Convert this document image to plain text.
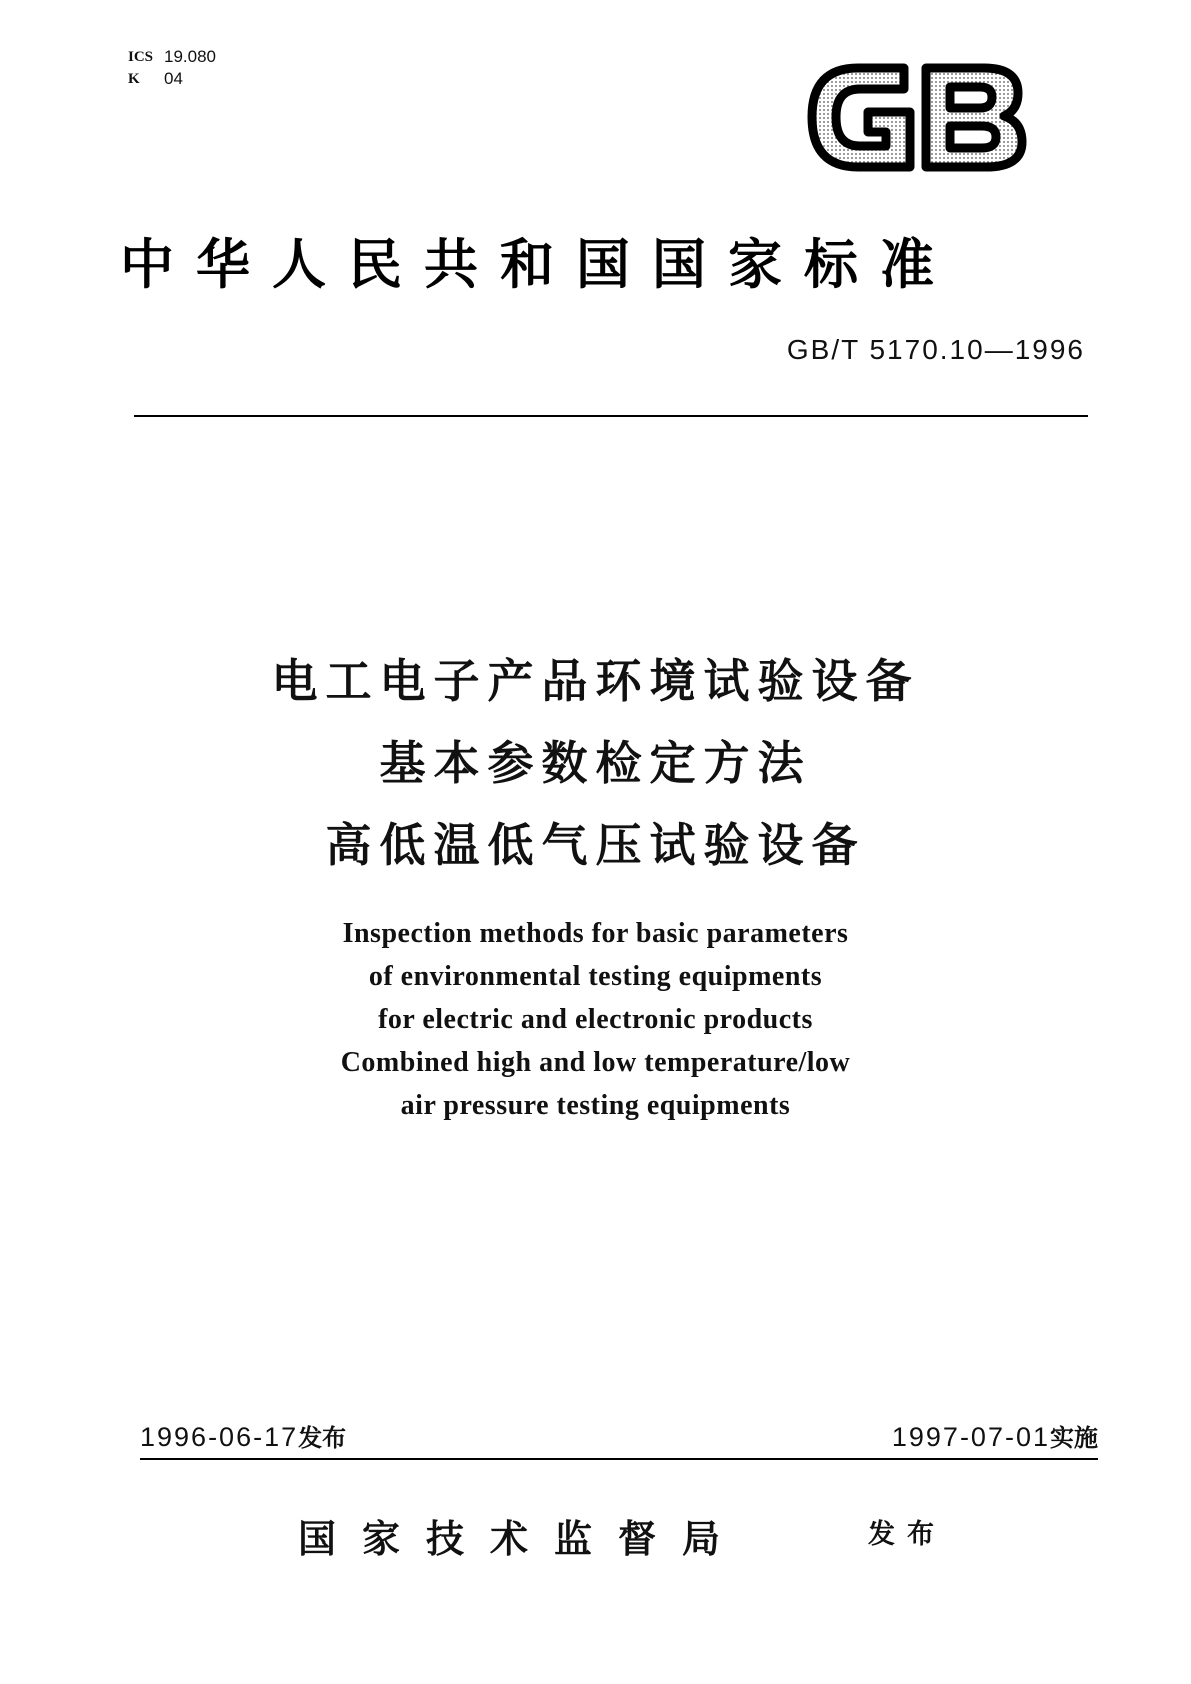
ICS 19.080
K	04
中华人民共和国国家标准
GB/T 5170.10—1996
电工电子产品环境试验设备
基本参数检定方法
高低温低气压试验设备
Inspection methods for basic parameters
of environmental testing equipments
for electric and electronic products
Combined high and low temperature/low
air pressure testing equipments
1996-06-17发布	1997-07-01实施
国家技术监督局	发布
